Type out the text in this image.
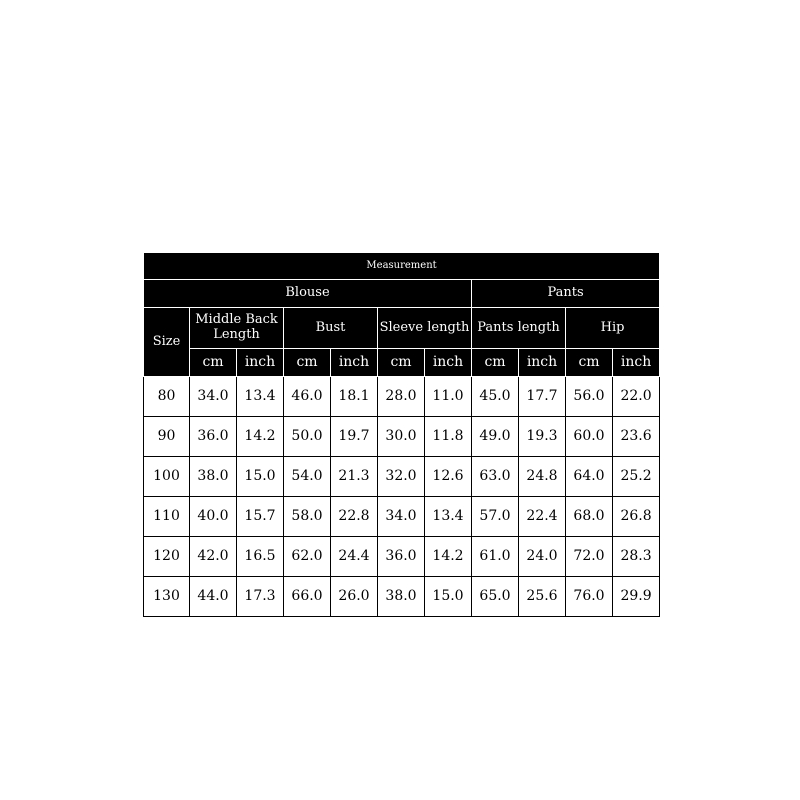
Measurement										
Blouse							Pants			
Size	Middle Back Length		Bust		Sleeve length		Pants length		Hip	
	cm	inch	cm	inch	cm	inch	cm	inch	cm	inch
80	34.0	13.4	46.0	18.1	28.0	11.0	45.0	17.7	56.0	22.0
90	36.0	14.2	50.0	19.7	30.0	11.8	49.0	19.3	60.0	23.6
100	38.0	15.0	54.0	21.3	32.0	12.6	63.0	24.8	64.0	25.2
110	40.0	15.7	58.0	22.8	34.0	13.4	57.0	22.4	68.0	26.8
120	42.0	16.5	62.0	24.4	36.0	14.2	61.0	24.0	72.0	28.3
130	44.0	17.3	66.0	26.0	38.0	15.0	65.0	25.6	76.0	29.9
